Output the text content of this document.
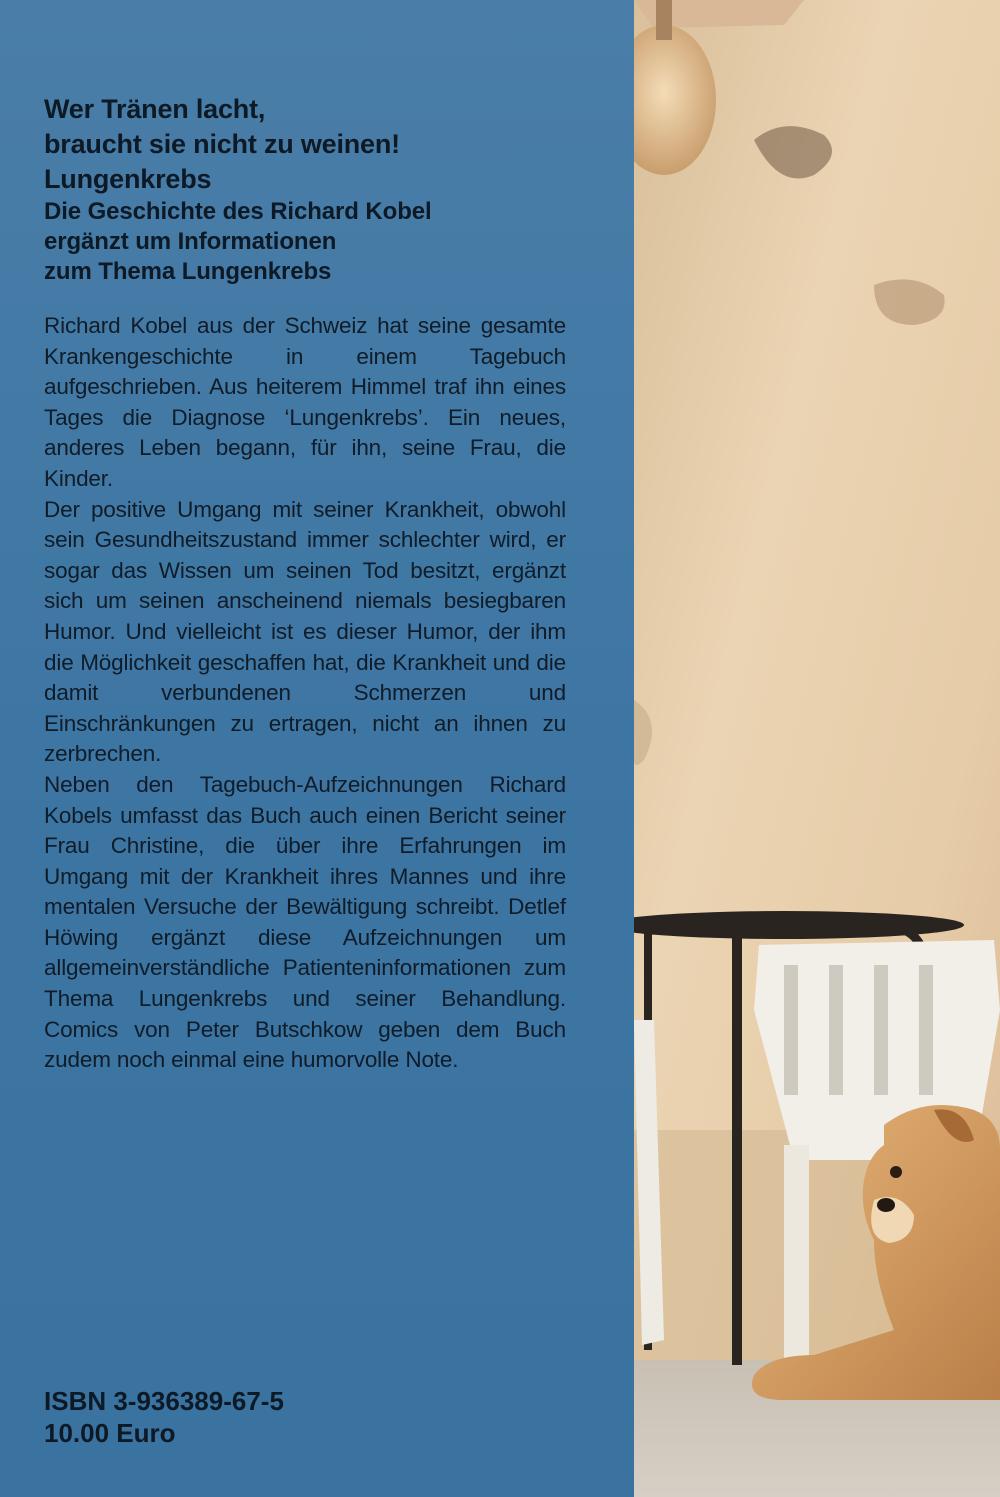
Wer Tränen lacht,
braucht sie nicht zu weinen!
Lungenkrebs
Die Geschichte des Richard Kobel
ergänzt um Informationen
zum Thema Lungenkrebs

Richard Kobel aus der Schweiz hat seine gesamte Krankengeschichte in einem Tagebuch aufgeschrieben. Aus heiterem Himmel traf ihn eines Tages die Diagnose ‘Lungenkrebs’. Ein neues, anderes Leben begann, für ihn, seine Frau, die Kinder.

Der positive Umgang mit seiner Krankheit, obwohl sein Gesundheitszustand immer schlechter wird, er sogar das Wissen um seinen Tod besitzt, ergänzt sich um seinen anscheinend niemals besiegbaren Humor. Und vielleicht ist es dieser Humor, der ihm die Möglichkeit geschaffen hat, die Krankheit und die damit verbundenen Schmerzen und Einschränkungen zu ertragen, nicht an ihnen zu zerbrechen.

Neben den Tagebuch-Aufzeichnungen Richard Kobels umfasst das Buch auch einen Bericht seiner Frau Christine, die über ihre Erfahrungen im Umgang mit der Krankheit ihres Mannes und ihre mentalen Versuche der Bewältigung schreibt. Detlef Höwing ergänzt diese Aufzeichnungen um allgemeinverständliche Patienteninformationen zum Thema Lungenkrebs und seiner Behandlung. Comics von Peter Butschkow geben dem Buch zudem noch einmal eine humorvolle Note.

ISBN 3-936389-67-5
10.00 Euro
